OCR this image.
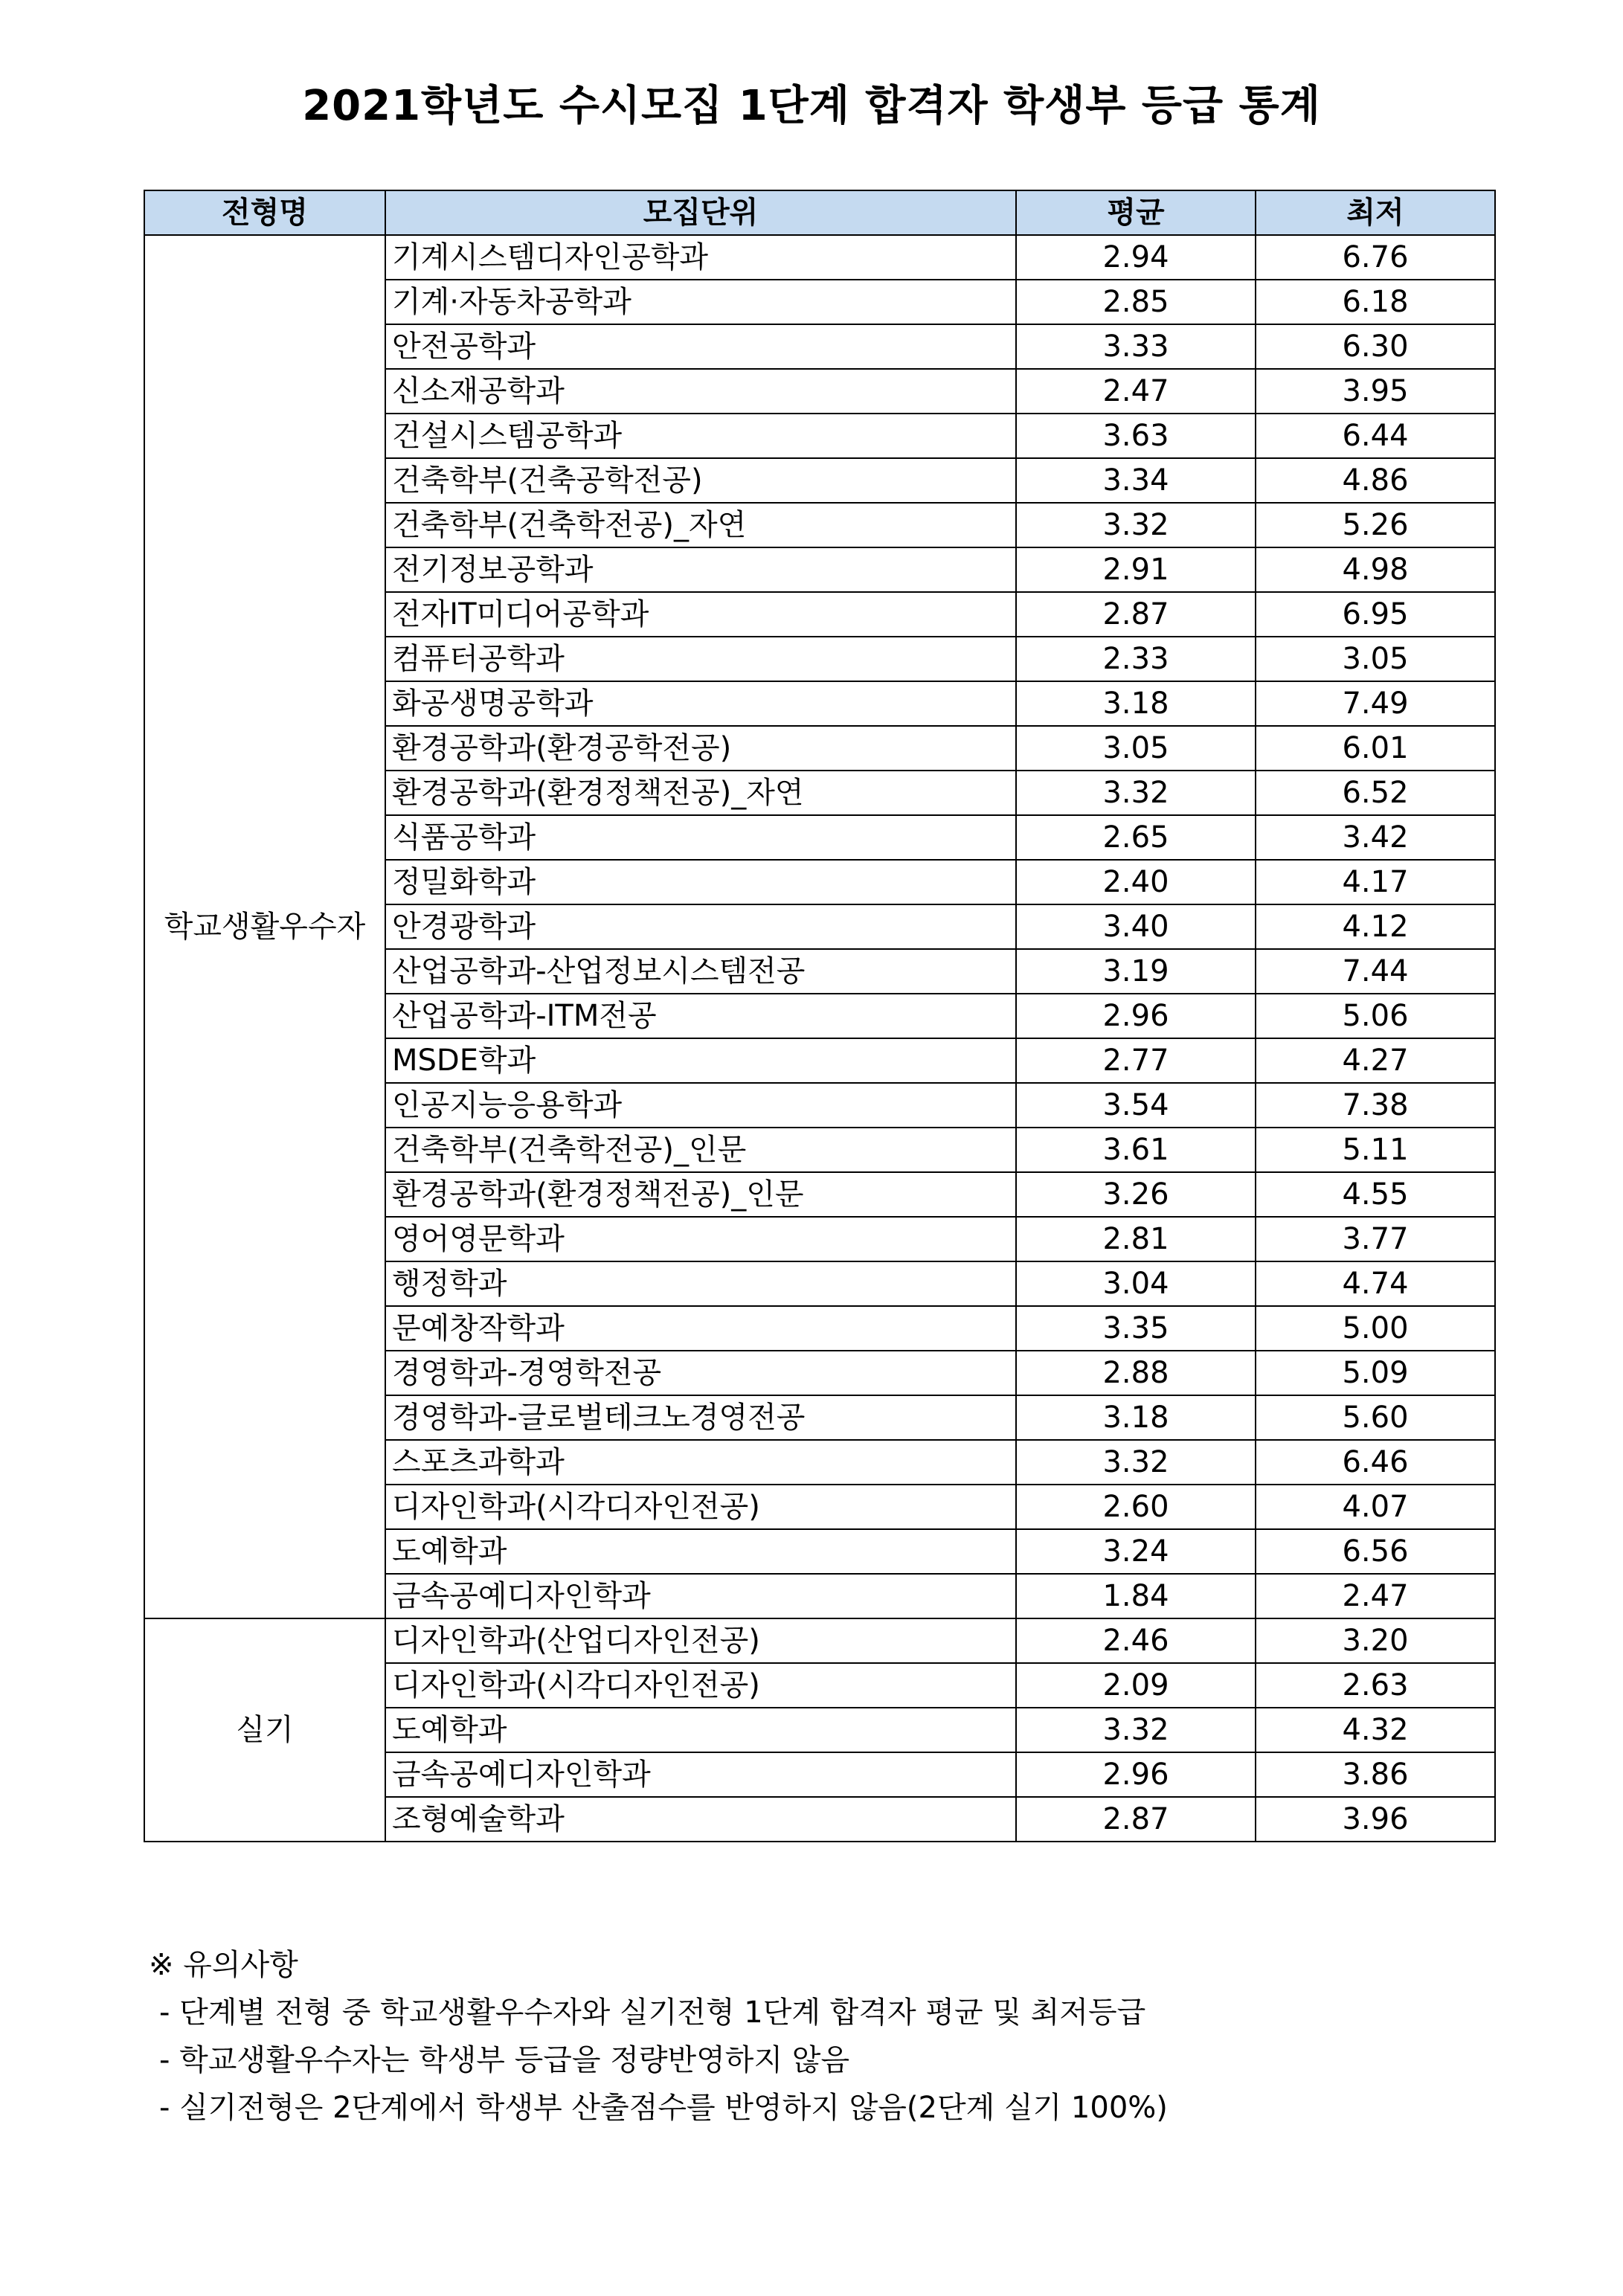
2021학년도 수시모집 1단계 합격자 학생부 등급 통계
전형명	모집단위	평균	최저
학교생활우수자	기계시스템디자인공학과	2.94	6.76
	기계·자동차공학과	2.85	6.18
	안전공학과	3.33	6.30
	신소재공학과	2.47	3.95
	건설시스템공학과	3.63	6.44
	건축학부(건축공학전공)	3.34	4.86
	건축학부(건축학전공)_자연	3.32	5.26
	전기정보공학과	2.91	4.98
	전자IT미디어공학과	2.87	6.95
	컴퓨터공학과	2.33	3.05
	화공생명공학과	3.18	7.49
	환경공학과(환경공학전공)	3.05	6.01
	환경공학과(환경정책전공)_자연	3.32	6.52
	식품공학과	2.65	3.42
	정밀화학과	2.40	4.17
	안경광학과	3.40	4.12
	산업공학과-산업정보시스템전공	3.19	7.44
	산업공학과-ITM전공	2.96	5.06
	MSDE학과	2.77	4.27
	인공지능응용학과	3.54	7.38
	건축학부(건축학전공)_인문	3.61	5.11
	환경공학과(환경정책전공)_인문	3.26	4.55
	영어영문학과	2.81	3.77
	행정학과	3.04	4.74
	문예창작학과	3.35	5.00
	경영학과-경영학전공	2.88	5.09
	경영학과-글로벌테크노경영전공	3.18	5.60
	스포츠과학과	3.32	6.46
	디자인학과(시각디자인전공)	2.60	4.07
	도예학과	3.24	6.56
	금속공예디자인학과	1.84	2.47
실기	디자인학과(산업디자인전공)	2.46	3.20
	디자인학과(시각디자인전공)	2.09	2.63
	도예학과	3.32	4.32
	금속공예디자인학과	2.96	3.86
	조형예술학과	2.87	3.96
※ 유의사항
- 단계별 전형 중 학교생활우수자와 실기전형 1단계 합격자 평균 및 최저등급
- 학교생활우수자는 학생부 등급을 정량반영하지 않음
- 실기전형은 2단계에서 학생부 산출점수를 반영하지 않음(2단계 실기 100%)
